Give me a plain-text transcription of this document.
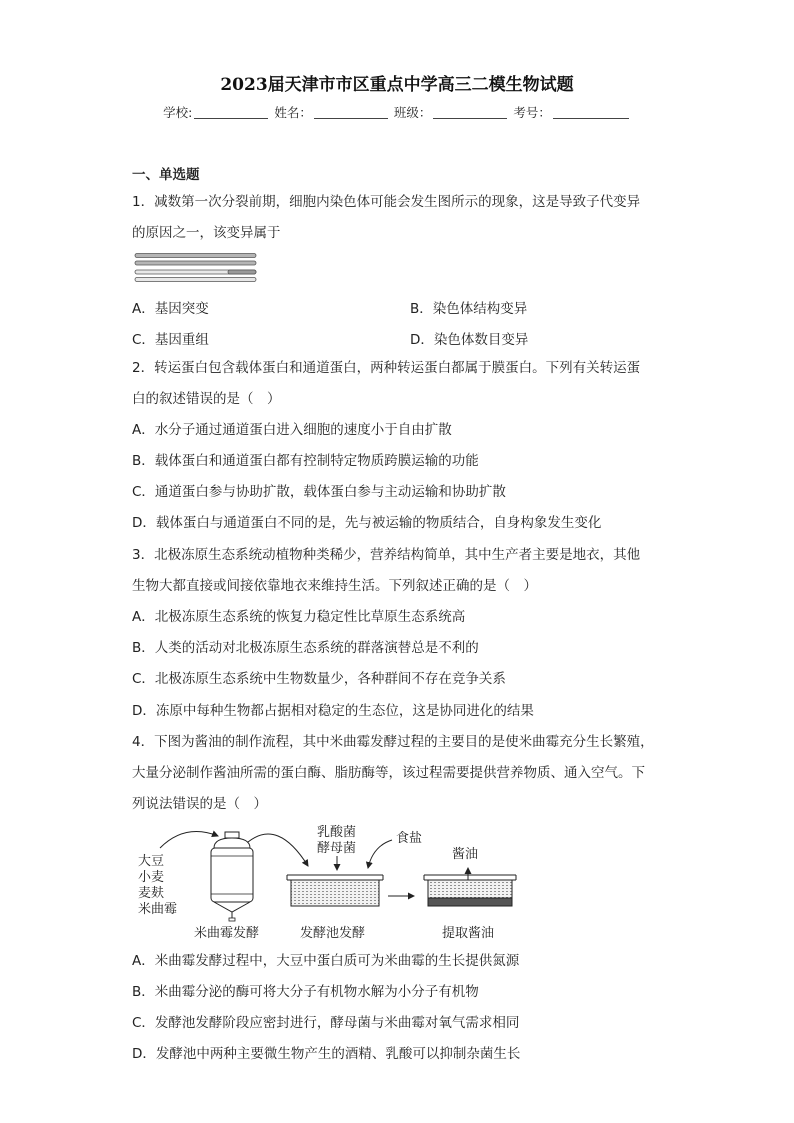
2023届天津市市区重点中学高三二模生物试题
学校:	姓名：	班级：	考号：
一、单选题
1．减数第一次分裂前期，细胞内染色体可能会发生图所示的现象，这是导致子代变异
的原因之一，该变异属于
A．基因突变	B．染色体结构变异
C．基因重组	D．染色体数目变异
2．转运蛋白包含载体蛋白和通道蛋白，两种转运蛋白都属于膜蛋白。下列有关转运蛋
白的叙述错误的是（　）
A．水分子通过通道蛋白进入细胞的速度小于自由扩散
B．载体蛋白和通道蛋白都有控制特定物质跨膜运输的功能
C．通道蛋白参与协助扩散，载体蛋白参与主动运输和协助扩散
D．载体蛋白与通道蛋白不同的是，先与被运输的物质结合，自身构象发生变化
3．北极冻原生态系统动植物种类稀少，营养结构简单，其中生产者主要是地衣，其他
生物大都直接或间接依靠地衣来维持生活。下列叙述正确的是（　）
A．北极冻原生态系统的恢复力稳定性比草原生态系统高
B．人类的活动对北极冻原生态系统的群落演替总是不利的
C．北极冻原生态系统中生物数量少，各种群间不存在竞争关系
D．冻原中每种生物都占据相对稳定的生态位，这是协同进化的结果
4．下图为酱油的制作流程，其中米曲霉发酵过程的主要目的是使米曲霉充分生长繁殖，
大量分泌制作酱油所需的蛋白酶、脂肪酶等，该过程需要提供营养物质、通入空气。下
列说法错误的是（　）
大豆
小麦
麦麸
米曲霉
乳酸菌
酵母菌
食盐
酱油
米曲霉发酵	发酵池发酵	提取酱油
A．米曲霉发酵过程中，大豆中蛋白质可为米曲霉的生长提供氮源
B．米曲霉分泌的酶可将大分子有机物水解为小分子有机物
C．发酵池发酵阶段应密封进行，酵母菌与米曲霉对氧气需求相同
D．发酵池中两种主要微生物产生的酒精、乳酸可以抑制杂菌生长
